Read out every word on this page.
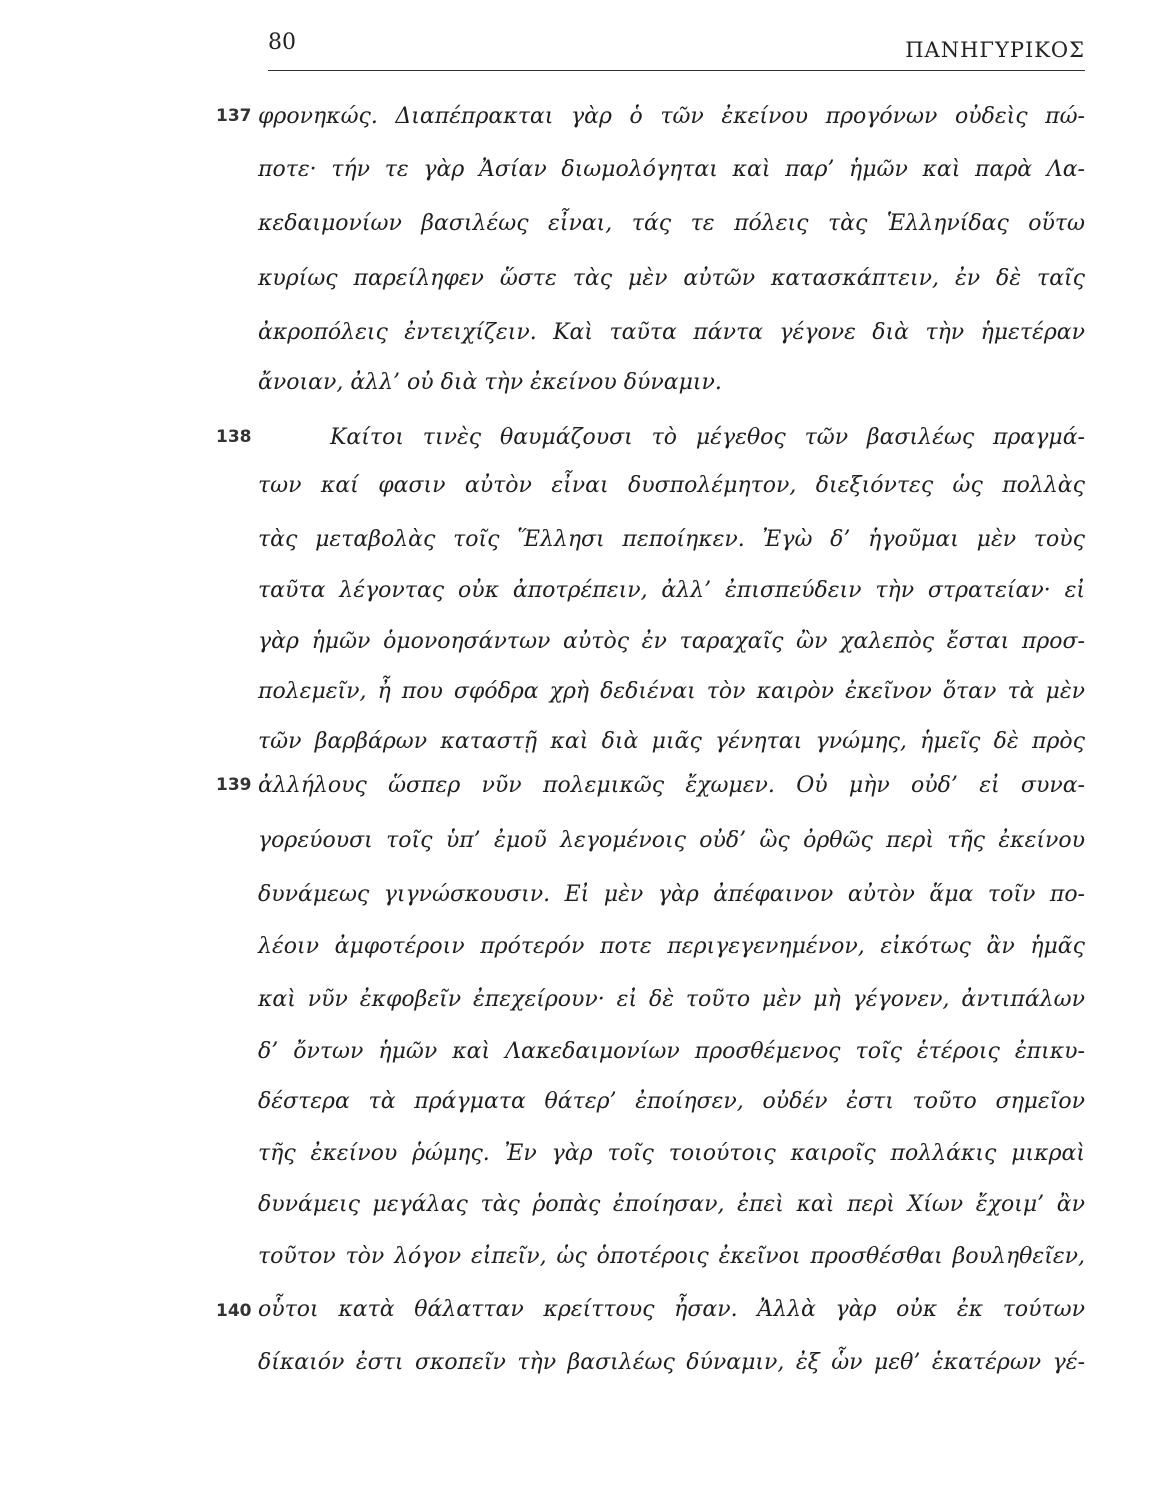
80	ΠΑΝΗΓΥΡΙΚΟΣ
137
138
139
140
φρονηκώς. Διαπέπρακται γὰρ ὁ τῶν ἐκείνου προγόνων οὐδεὶς πώ-
ποτε· τήν τε γὰρ Ἀσίαν διωμολόγηται καὶ παρ’ ἡμῶν καὶ παρὰ Λα-
κεδαιμονίων βασιλέως εἶναι, τάς τε πόλεις τὰς Ἑλληνίδας οὕτω
κυρίως παρείληφεν ὥστε τὰς μὲν αὐτῶν κατασκάπτειν, ἐν δὲ ταῖς
ἀκροπόλεις ἐντειχίζειν. Καὶ ταῦτα πάντα γέγονε διὰ τὴν ἡμετέραν
ἄνοιαν, ἀλλ’ οὐ διὰ τὴν ἐκείνου δύναμιν.
Καίτοι τινὲς θαυμάζουσι τὸ μέγεθος τῶν βασιλέως πραγμά-
των καί φασιν αὐτὸν εἶναι δυσπολέμητον, διεξιόντες ὡς πολλὰς
τὰς μεταβολὰς τοῖς Ἕλλησι πεποίηκεν. Ἐγὼ δ’ ἡγοῦμαι μὲν τοὺς
ταῦτα λέγοντας οὐκ ἀποτρέπειν, ἀλλ’ ἐπισπεύδειν τὴν στρατείαν· εἰ
γὰρ ἡμῶν ὁμονοησάντων αὐτὸς ἐν ταραχαῖς ὢν χαλεπὸς ἔσται προσ-
πολεμεῖν, ἦ που σφόδρα χρὴ δεδιέναι τὸν καιρὸν ἐκεῖνον ὅταν τὰ μὲν
τῶν βαρβάρων καταστῇ καὶ διὰ μιᾶς γένηται γνώμης, ἡμεῖς δὲ πρὸς
ἀλλήλους ὥσπερ νῦν πολεμικῶς ἔχωμεν. Οὐ μὴν οὐδ’ εἰ συνα-
γορεύουσι τοῖς ὑπ’ ἐμοῦ λεγομένοις οὐδ’ ὣς ὀρθῶς περὶ τῆς ἐκείνου
δυνάμεως γιγνώσκουσιν. Εἰ μὲν γὰρ ἀπέφαινον αὐτὸν ἅμα τοῖν πο-
λέοιν ἀμφοτέροιν πρότερόν ποτε περιγεγενημένον, εἰκότως ἂν ἡμᾶς
καὶ νῦν ἐκφοβεῖν ἐπεχείρουν· εἰ δὲ τοῦτο μὲν μὴ γέγονεν, ἀντιπάλων
δ’ ὄντων ἡμῶν καὶ Λακεδαιμονίων προσθέμενος τοῖς ἑτέροις ἐπικυ-
δέστερα τὰ πράγματα θάτερ’ ἐποίησεν, οὐδέν ἐστι τοῦτο σημεῖον
τῆς ἐκείνου ῥώμης. Ἐν γὰρ τοῖς τοιούτοις καιροῖς πολλάκις μικραὶ
δυνάμεις μεγάλας τὰς ῥοπὰς ἐποίησαν, ἐπεὶ καὶ περὶ Χίων ἔχοιμ’ ἂν
τοῦτον τὸν λόγον εἰπεῖν, ὡς ὁποτέροις ἐκεῖνοι προσθέσθαι βουληθεῖεν,
οὗτοι κατὰ θάλατταν κρείττους ἦσαν. Ἀλλὰ γὰρ οὐκ ἐκ τούτων
δίκαιόν ἐστι σκοπεῖν τὴν βασιλέως δύναμιν, ἐξ ὧν μεθ’ ἑκατέρων γέ-
